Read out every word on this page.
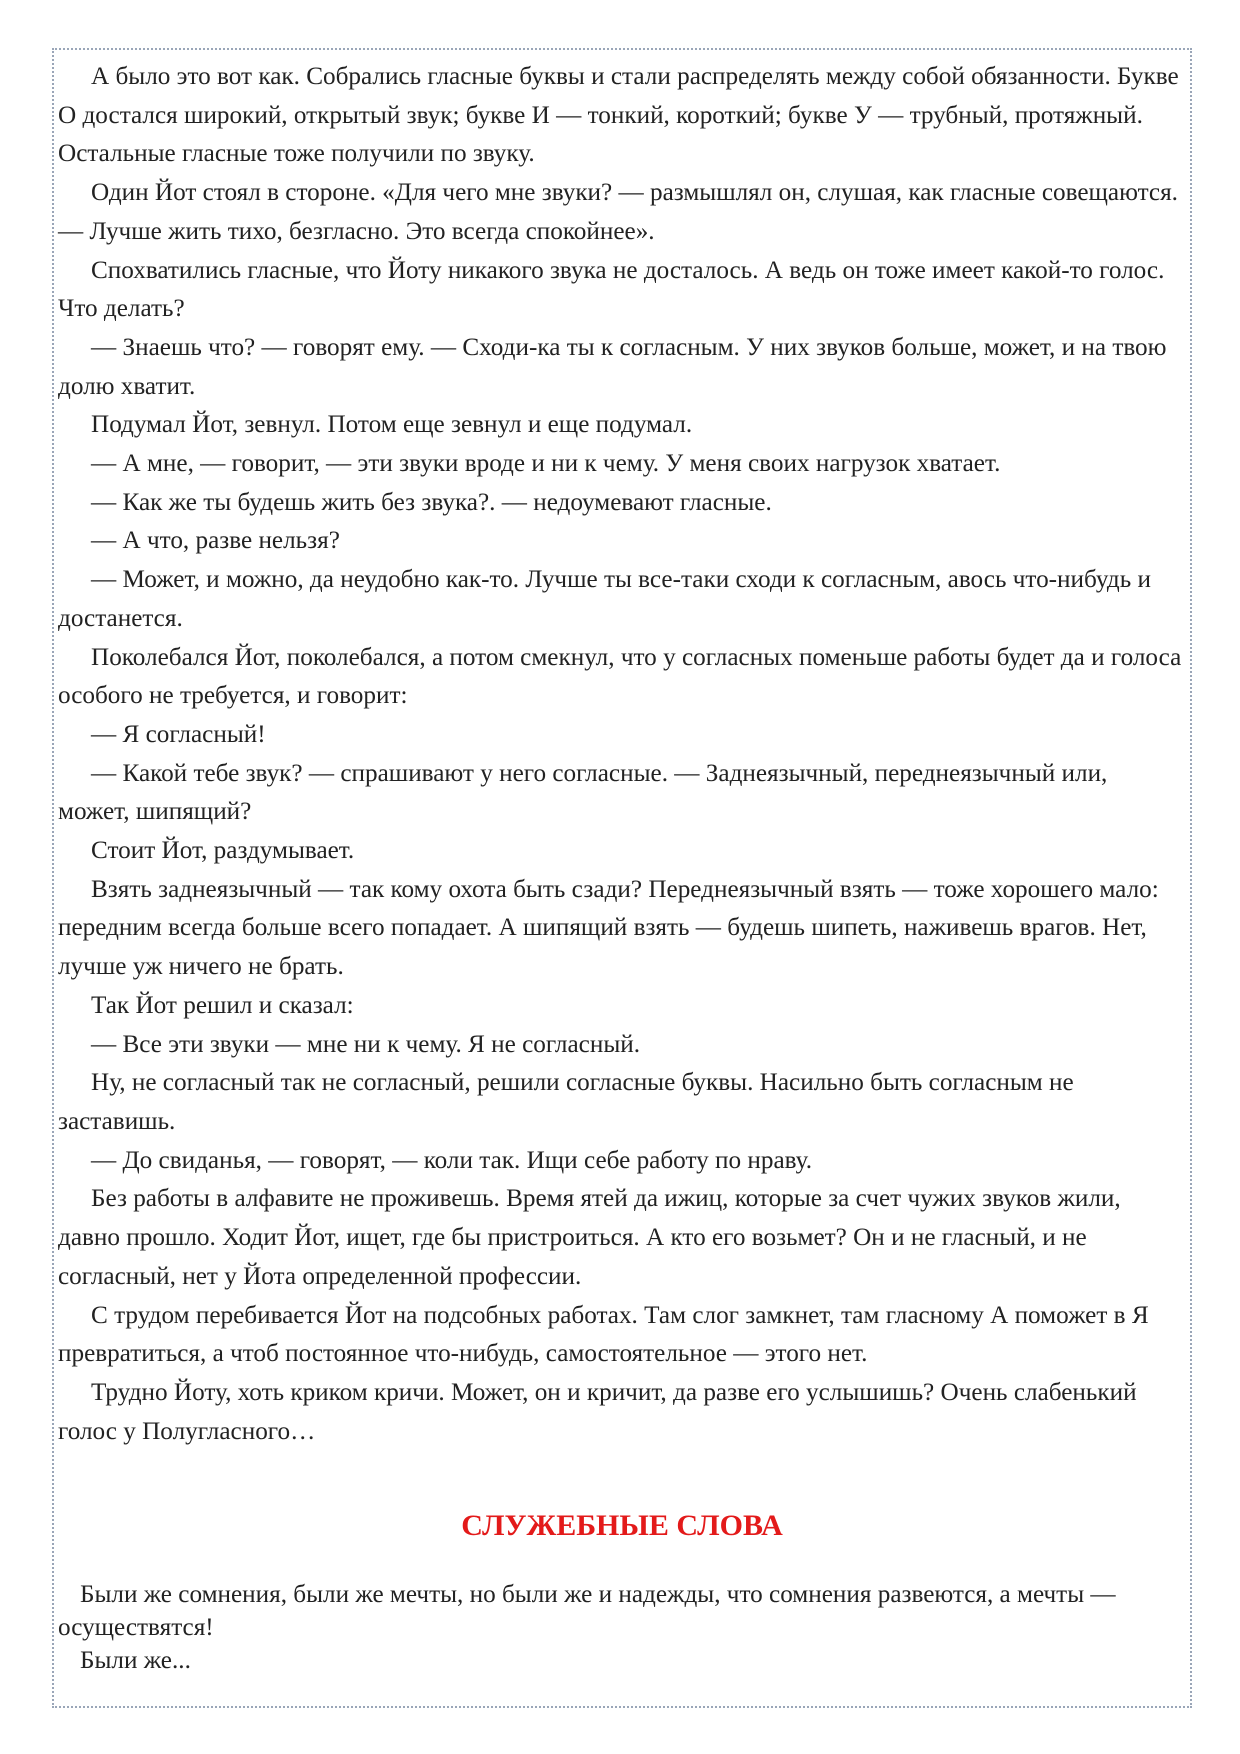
А было это вот как. Собрались гласные буквы и стали распределять между собой обязанности. Букве О достался широкий, открытый звук; букве И — тонкий, короткий; букве У — трубный, протяжный. Остальные гласные тоже получили по звуку.

Один Йот стоял в стороне. «Для чего мне звуки? — размышлял он, слушая, как гласные совещаются. — Лучше жить тихо, безгласно. Это всегда спокойнее».

Спохватились гласные, что Йоту никакого звука не досталось. А ведь он тоже имеет какой-то голос. Что делать?

— Знаешь что? — говорят ему. — Сходи-ка ты к согласным. У них звуков больше, может, и на твою долю хватит.

Подумал Йот, зевнул. Потом еще зевнул и еще подумал.

— А мне, — говорит, — эти звуки вроде и ни к чему. У меня своих нагрузок хватает.

— Как же ты будешь жить без звука?. — недоумевают гласные.

— А что, разве нельзя?

— Может, и можно, да неудобно как-то. Лучше ты все-таки сходи к согласным, авось что-нибудь и достанется.

Поколебался Йот, поколебался, а потом смекнул, что у согласных поменьше работы будет да и голоса особого не требуется, и говорит:

— Я согласный!

— Какой тебе звук? — спрашивают у него согласные. — Заднеязычный, переднеязычный или, может, шипящий?

Стоит Йот, раздумывает.

Взять заднеязычный — так кому охота быть сзади? Переднеязычный взять — тоже хорошего мало: передним всегда больше всего попадает. А шипящий взять — будешь шипеть, наживешь врагов. Нет, лучше уж ничего не брать.

Так Йот решил и сказал:

— Все эти звуки — мне ни к чему. Я не согласный.

Ну, не согласный так не согласный, решили согласные буквы. Насильно быть согласным не заставишь.

— До свиданья, — говорят, — коли так. Ищи себе работу по нраву.

Без работы в алфавите не проживешь. Время ятей да ижиц, которые за счет чужих звуков жили, давно прошло. Ходит Йот, ищет, где бы пристроиться. А кто его возьмет? Он и не гласный, и не согласный, нет у Йота определенной профессии.

С трудом перебивается Йот на подсобных работах. Там слог замкнет, там гласному А поможет в Я превратиться, а чтоб постоянное что-нибудь, самостоятельное — этого нет.

Трудно Йоту, хоть криком кричи. Может, он и кричит, да разве его услышишь? Очень слабенький голос у Полугласного…

СЛУЖЕБНЫЕ СЛОВА

Были же сомнения, были же мечты, но были же и надежды, что сомнения развеются, а мечты — осуществятся!

Были же...
